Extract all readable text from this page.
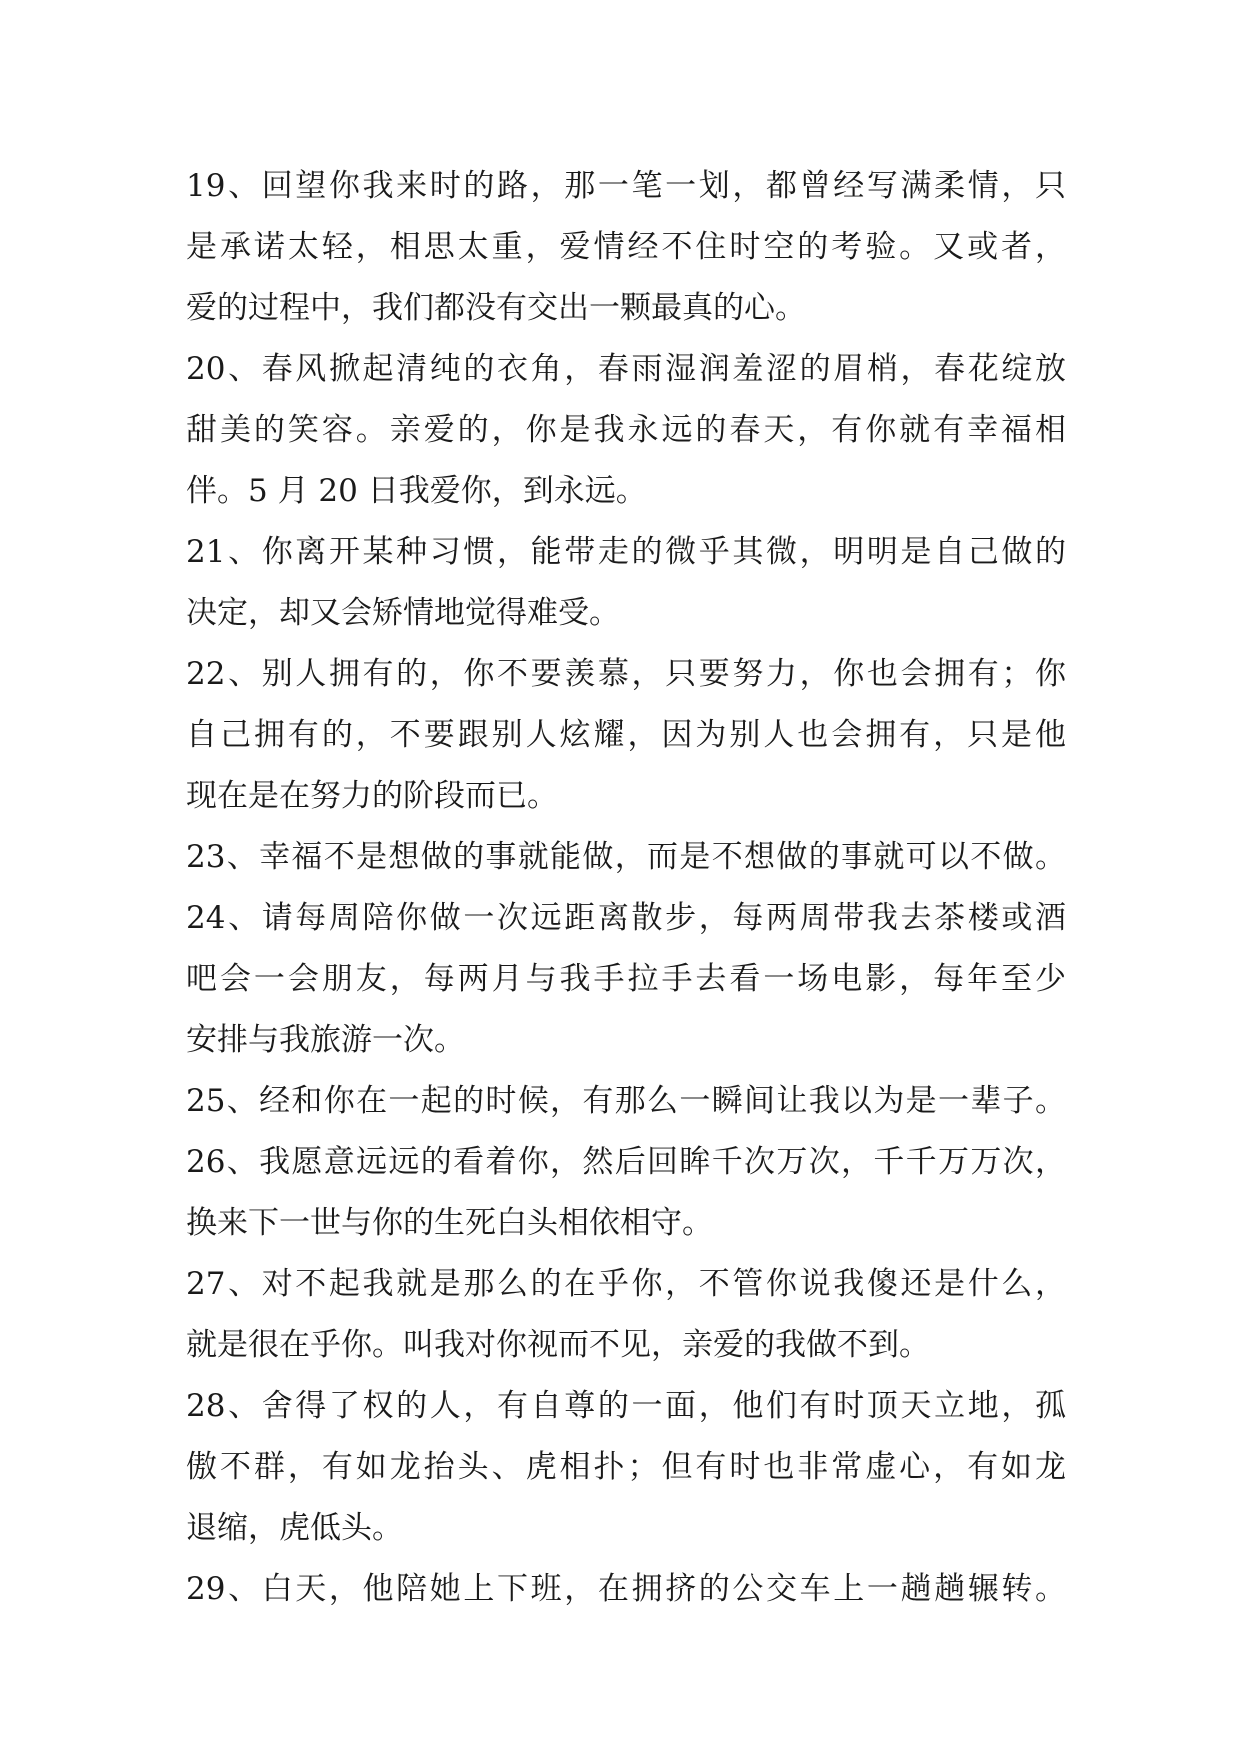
19、回望你我来时的路，那一笔一划，都曾经写满柔情，只
是承诺太轻，相思太重，爱情经不住时空的考验。又或者，
爱的过程中，我们都没有交出一颗最真的心。
20、春风掀起清纯的衣角，春雨湿润羞涩的眉梢，春花绽放
甜美的笑容。亲爱的，你是我永远的春天，有你就有幸福相
伴。5 月 20 日我爱你，到永远。
21、你离开某种习惯，能带走的微乎其微，明明是自己做的
决定，却又会矫情地觉得难受。
22、别人拥有的，你不要羡慕，只要努力，你也会拥有；你
自己拥有的，不要跟别人炫耀，因为别人也会拥有，只是他
现在是在努力的阶段而已。
23、幸福不是想做的事就能做，而是不想做的事就可以不做。
24、请每周陪你做一次远距离散步，每两周带我去茶楼或酒
吧会一会朋友，每两月与我手拉手去看一场电影，每年至少
安排与我旅游一次。
25、经和你在一起的时候，有那么一瞬间让我以为是一辈子。
26、我愿意远远的看着你，然后回眸千次万次，千千万万次，
换来下一世与你的生死白头相依相守。
27、对不起我就是那么的在乎你，不管你说我傻还是什么，
就是很在乎你。叫我对你视而不见，亲爱的我做不到。
28、舍得了权的人，有自尊的一面，他们有时顶天立地，孤
傲不群，有如龙抬头、虎相扑；但有时也非常虚心，有如龙
退缩，虎低头。
29、白天，他陪她上下班，在拥挤的公交车上一趟趟辗转。
